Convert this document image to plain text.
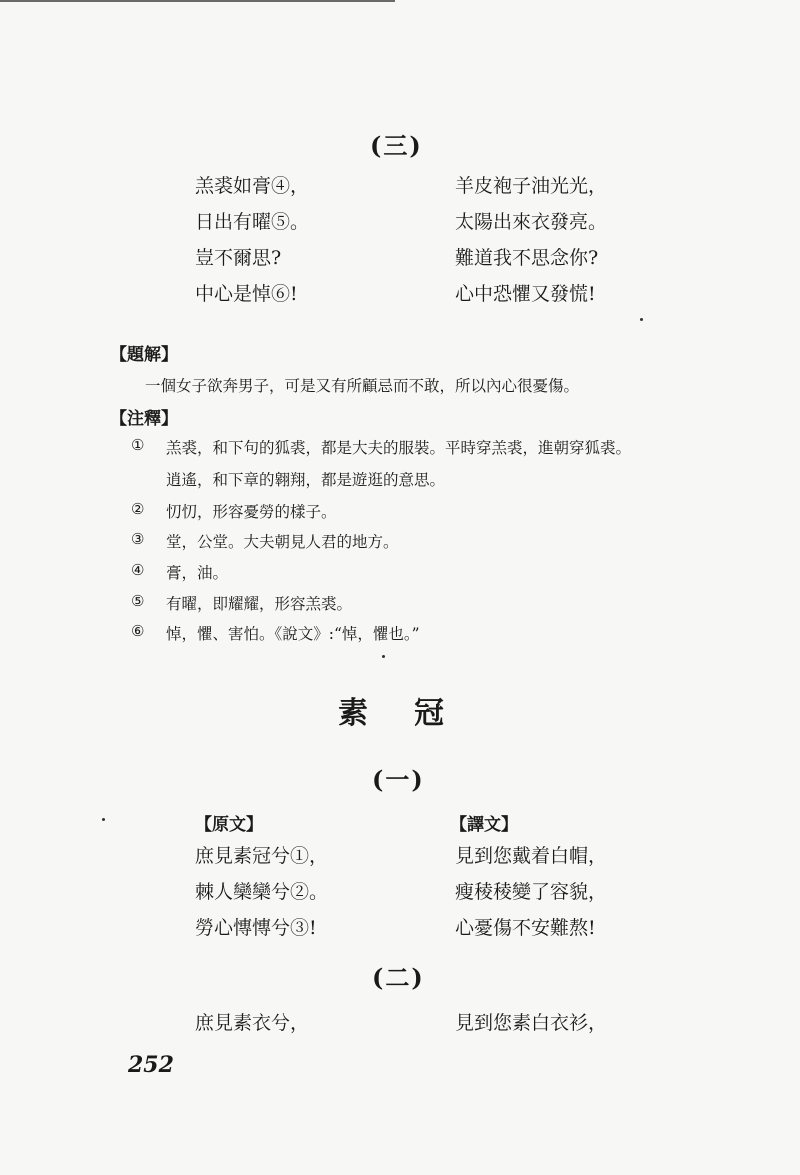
(三)
羔裘如膏④，
日出有曜⑤。
豈不爾思?
中心是悼⑥!
羊皮袍子油光光，
太陽出來衣發亮。
難道我不思念你?
心中恐懼又發慌!
【題解】
一個女子欲奔男子，可是又有所顧忌而不敢，所以內心很憂傷。
【注釋】
① 羔裘，和下句的狐裘，都是大夫的服裝。平時穿羔裘，進朝穿狐裘。
逍遙，和下章的翱翔，都是遊逛的意思。
② 忉忉，形容憂勞的樣子。
③ 堂，公堂。大夫朝見人君的地方。
④ 膏，油。
⑤ 有曜，即耀耀，形容羔裘。
⑥ 悼，懼、害怕。《說文》:“悼，懼也。”
素冠
(一)
【原文】	【譯文】
庶見素冠兮①，
棘人欒欒兮②。
勞心慱慱兮③!
見到您戴着白帽，
瘦稜稜變了容貌，
心憂傷不安難熬!
(二)
庶見素衣兮，	見到您素白衣衫，
252
